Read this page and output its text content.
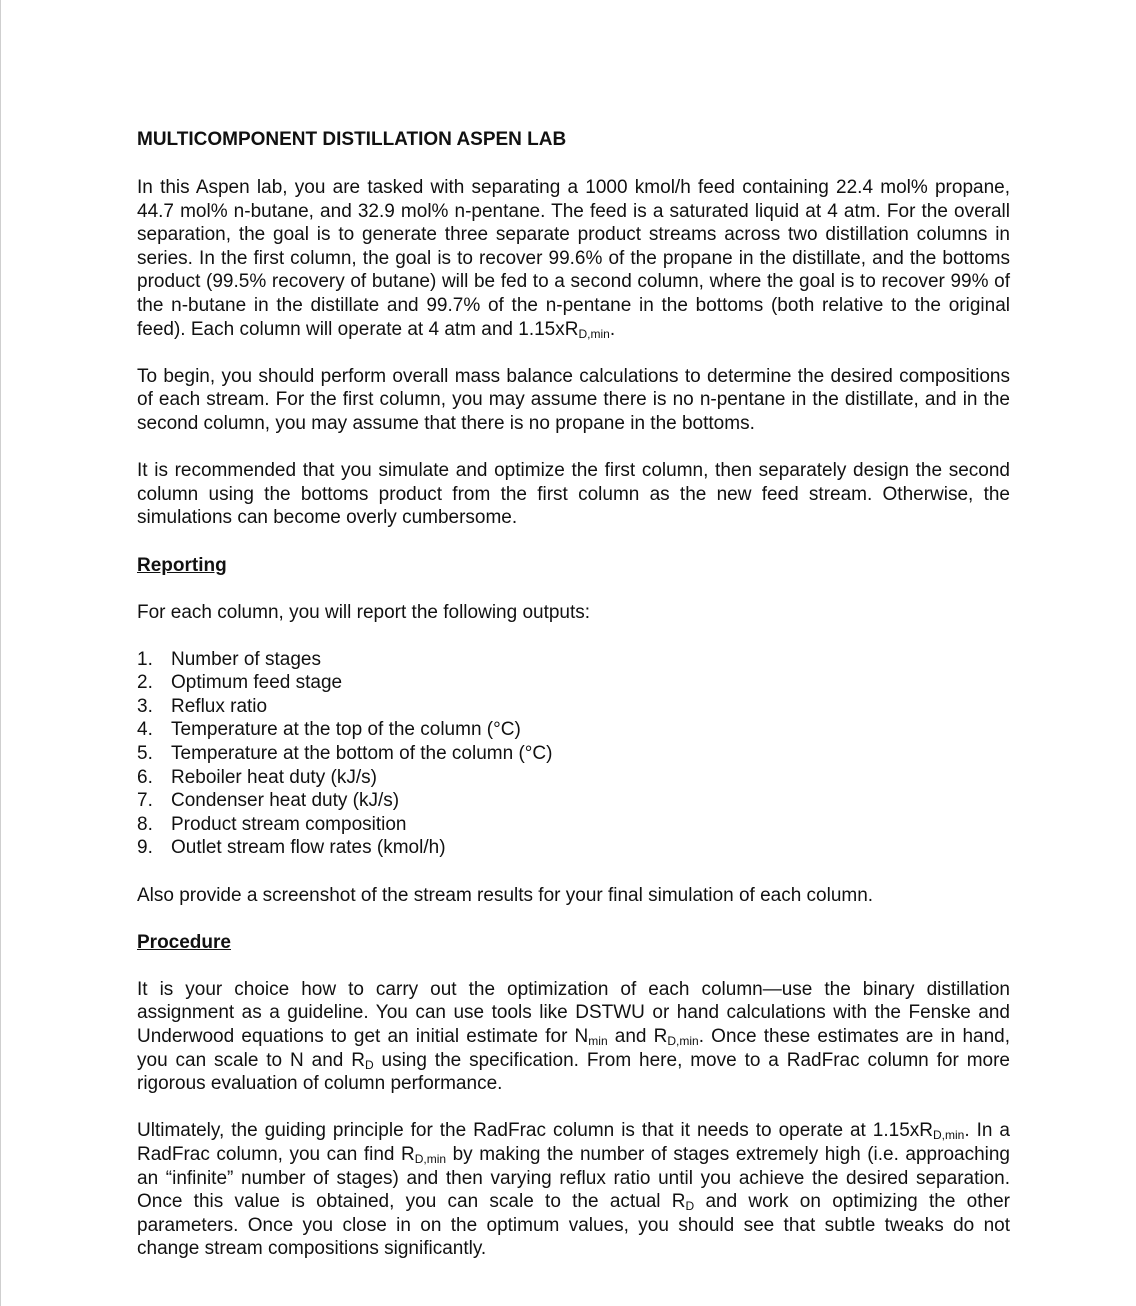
MULTICOMPONENT DISTILLATION ASPEN LAB

In this Aspen lab, you are tasked with separating a 1000 kmol/h feed containing 22.4 mol% propane, 44.7 mol% n-butane, and 32.9 mol% n-pentane. The feed is a saturated liquid at 4 atm. For the overall separation, the goal is to generate three separate product streams across two distillation columns in series. In the first column, the goal is to recover 99.6% of the propane in the distillate, and the bottoms product (99.5% recovery of butane) will be fed to a second column, where the goal is to recover 99% of the n-butane in the distillate and 99.7% of the n-pentane in the bottoms (both relative to the original feed). Each column will operate at 4 atm and $1.15xR_{D,min}$.

To begin, you should perform overall mass balance calculations to determine the desired compositions of each stream. For the first column, you may assume there is no n-pentane in the distillate, and in the second column, you may assume that there is no propane in the bottoms.

It is recommended that you simulate and optimize the first column, then separately design the second column using the bottoms product from the first column as the new feed stream. Otherwise, the simulations can become overly cumbersome.

Reporting

For each column, you will report the following outputs:

1. Number of stages
2. Optimum feed stage
3. Reflux ratio
4. Temperature at the top of the column (°C)
5. Temperature at the bottom of the column (°C)
6. Reboiler heat duty (kJ/s)
7. Condenser heat duty (kJ/s)
8. Product stream composition
9. Outlet stream flow rates (kmol/h)

Also provide a screenshot of the stream results for your final simulation of each column.

Procedure

It is your choice how to carry out the optimization of each column—use the binary distillation assignment as a guideline. You can use tools like DSTWU or hand calculations with the Fenske and Underwood equations to get an initial estimate for $N_{min}$ and $R_{D,min}$. Once these estimates are in hand, you can scale to N and $R_D$ using the specification. From here, move to a RadFrac column for more rigorous evaluation of column performance.

Ultimately, the guiding principle for the RadFrac column is that it needs to operate at $1.15xR_{D,min}$. In a RadFrac column, you can find $R_{D,min}$ by making the number of stages extremely high (i.e. approaching an “infinite” number of stages) and then varying reflux ratio until you achieve the desired separation. Once this value is obtained, you can scale to the actual $R_D$ and work on optimizing the other parameters. Once you close in on the optimum values, you should see that subtle tweaks do not change stream compositions significantly.
